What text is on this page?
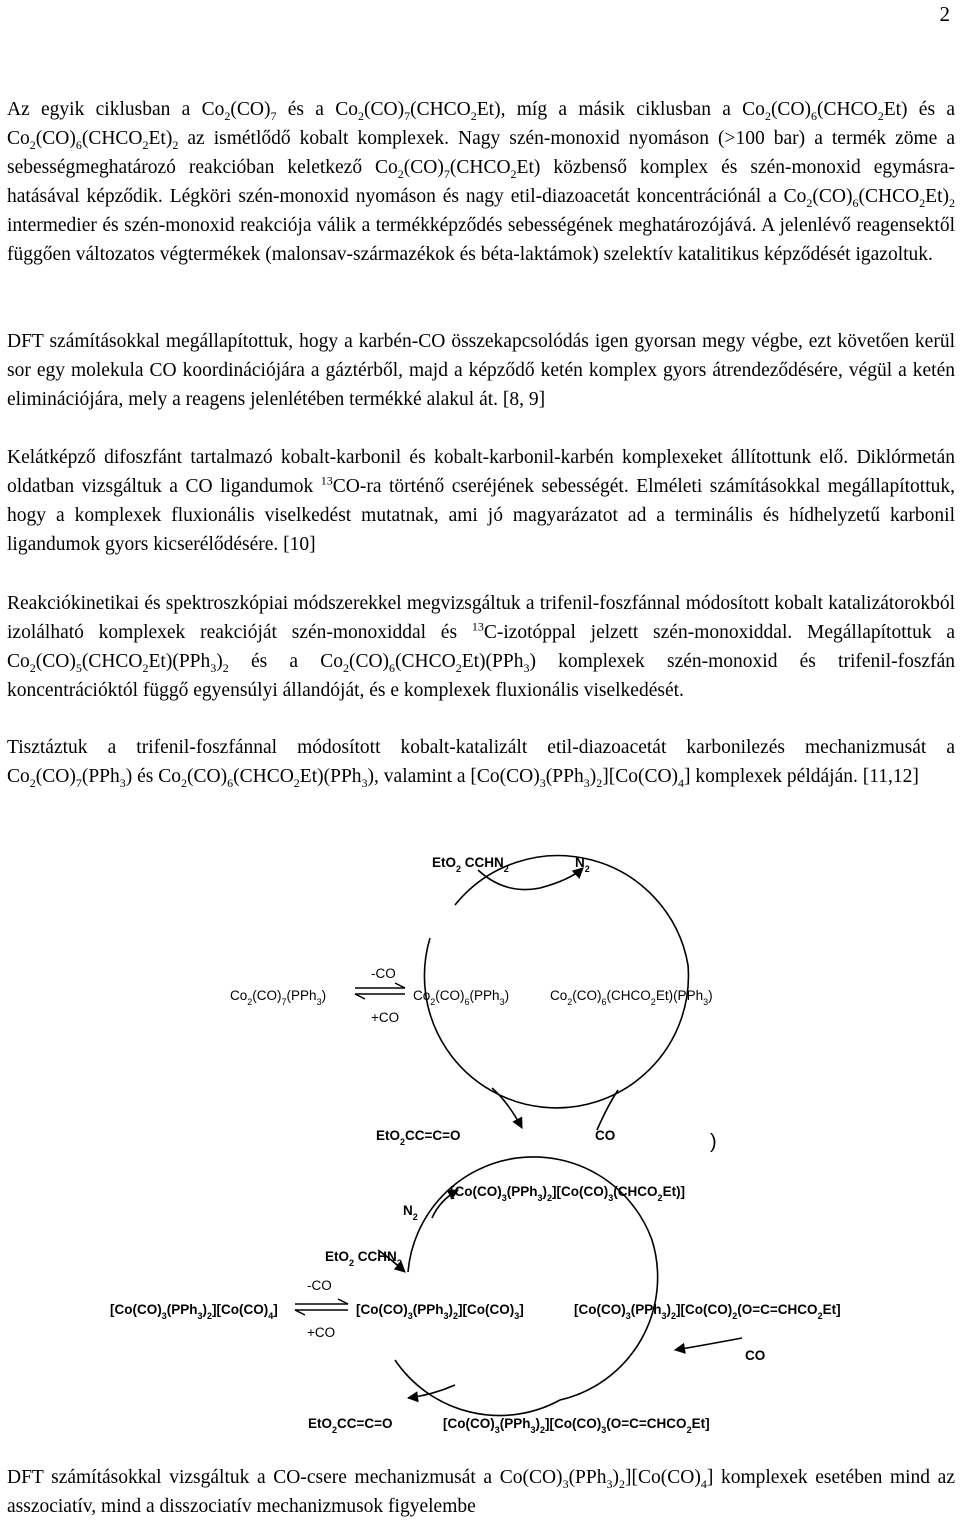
2

Az egyik ciklusban a $Co_2(CO)_7$ és a $Co_2(CO)_7(CHCO_2Et)$, míg a másik ciklusban a $Co_2(CO)_6(CHCO_2Et)$ és a $Co_2(CO)_6(CHCO_2Et)_2$ az ismétlődő kobalt komplexek. Nagy szén-monoxid nyomáson (>100 bar) a termék zöme a sebességmeghatározó reakcióban keletkező $Co_2(CO)_7(CHCO_2Et)$ közbenső komplex és szén-monoxid egymásra-hatásával képződik. Légköri szén-monoxid nyomáson és nagy etil-diazoacetát koncentrációnál a $Co_2(CO)_6(CHCO_2Et)_2$ intermedier és szén-monoxid reakciója válik a termékképződés sebességének meghatározójává. A jelenlévő reagensektől függően változatos végtermékek (malonsav-származékok és béta-laktámok) szelektív katalitikus képződését igazoltuk.

DFT számításokkal megállapítottuk, hogy a karbén-CO összekapcsolódás igen gyorsan megy végbe, ezt követően kerül sor egy molekula CO koordinációjára a gáztérből, majd a képződő ketén komplex gyors átrendeződésére, végül a ketén eliminációjára, mely a reagens jelenlétében termékké alakul át. [8, 9]

Kelátképző difoszfánt tartalmazó kobalt-karbonil és kobalt-karbonil-karbén komplexeket állítottunk elő. Diklórmetán oldatban vizsgáltuk a CO ligandumok $^{13}$CO-ra történő cseréjének sebességét. Elméleti számításokkal megállapítottuk, hogy a komplexek fluxionális viselkedést mutatnak, ami jó magyarázatot ad a terminális és hídhelyzetű karbonil ligandumok gyors kicserélődésére. [10]

Reakciókinetikai és spektroszkópiai módszerekkel megvizsgáltuk a trifenil-foszfánnal módosított kobalt katalizátorokból izolálható komplexek reakcióját szén-monoxiddal és $^{13}$C-izotóppal jelzett szén-monoxiddal. Megállapítottuk a $Co_2(CO)_5(CHCO_2Et)(PPh_3)_2$ és a $Co_2(CO)_6(CHCO_2Et)(PPh_3)$ komplexek szén-monoxid és trifenil-foszfán koncentrációktól függő egyensúlyi állandóját, és e komplexek fluxionális viselkedését.

Tisztáztuk a trifenil-foszfánnal módosított kobalt-katalizált etil-diazoacetát karbonilezés mechanizmusát a $Co_2(CO)_7(PPh_3)$ és $Co_2(CO)_6(CHCO_2Et)(PPh_3)$, valamint a $[Co(CO)_3(PPh_3)_2][Co(CO)_4]$ komplexek példáján. [11,12]

EtO$_2$ $CCHN_2$	$N_2$
-CO
+CO
$Co_2(CO)_7(PPh_3)$	$Co_2(CO)_6(PPh_3)$	$Co_2(CO)_6(CHCO_2Et)(PPh_3)$
EtO$_2$CC=C=O	CO	)
$[Co(CO)_3(PPh_3)_2][Co(CO)_3(CHCO_2Et)]$
$N_2$
EtO$_2$ $CCHN_2$
-CO
+CO
$[Co(CO)_3(PPh_3)_2][Co(CO)_4]$	$[Co(CO)_3(PPh_3)_2][Co(CO)_3]$	$[Co(CO)_3(PPh_3)_2][Co(CO)_2(O=C=CHCO_2Et]$
CO
EtO$_2$CC=C=O	$[Co(CO)_3(PPh_3)_2][Co(CO)_3(O=C=CHCO_2Et]$

DFT számításokkal vizsgáltuk a CO-csere mechanizmusát a $Co(CO)_3(PPh_3)_2][Co(CO)_4]$ komplexek esetében mind az asszociatív, mind a disszociatív mechanizmusok figyelembe
